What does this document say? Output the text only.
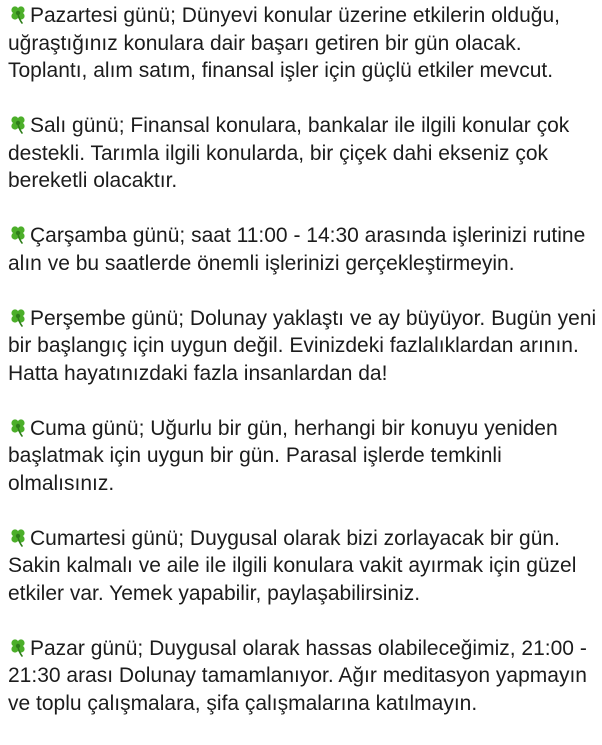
Pazartesi günü; Dünyevi konular üzerine etkilerin olduğu, uğraştığınız konulara dair başarı getiren bir gün olacak. Toplantı, alım satım, finansal işler için güçlü etkiler mevcut.

Salı günü; Finansal konulara, bankalar ile ilgili konular çok destekli. Tarımla ilgili konularda, bir çiçek dahi ekseniz çok bereketli olacaktır.

Çarşamba günü; saat 11:00 - 14:30 arasında işlerinizi rutine alın ve bu saatlerde önemli işlerinizi gerçekleştirmeyin.

Perşembe günü; Dolunay yaklaştı ve ay büyüyor. Bugün yeni bir başlangıç için uygun değil. Evinizdeki fazlalıklardan arının. Hatta hayatınızdaki fazla insanlardan da!

Cuma günü; Uğurlu bir gün, herhangi bir konuyu yeniden başlatmak için uygun bir gün. Parasal işlerde temkinli olmalısınız.

Cumartesi günü; Duygusal olarak bizi zorlayacak bir gün. Sakin kalmalı ve aile ile ilgili konulara vakit ayırmak için güzel etkiler var. Yemek yapabilir, paylaşabilirsiniz.

Pazar günü; Duygusal olarak hassas olabileceğimiz, 21:00 - 21:30 arası Dolunay tamamlanıyor. Ağır meditasyon yapmayın ve toplu çalışmalara, şifa çalışmalarına katılmayın.
